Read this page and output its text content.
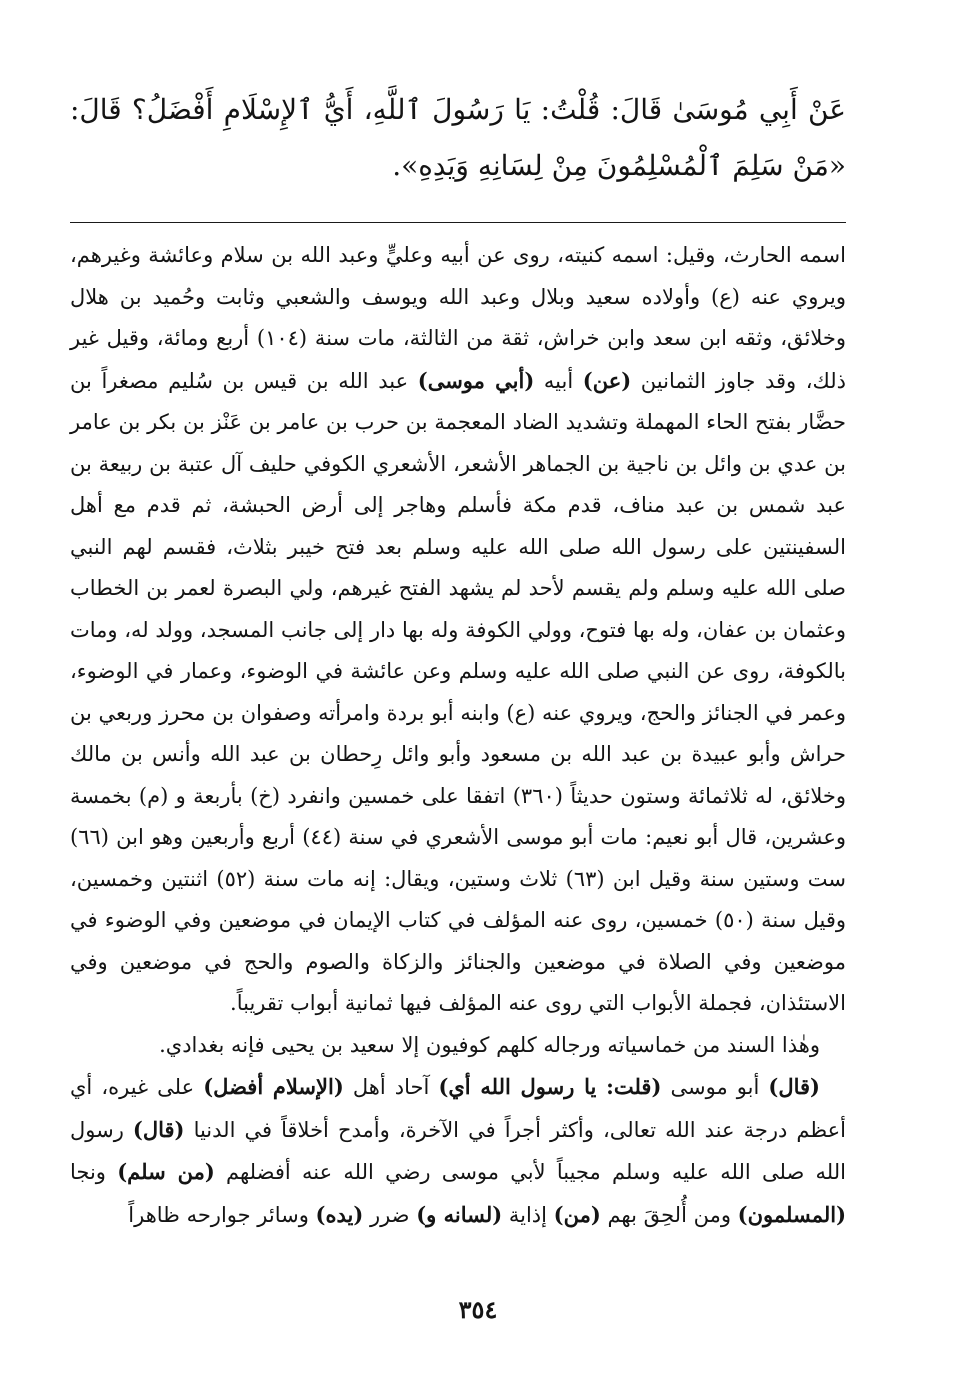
عَنْ أَبِي مُوسَىٰ قَالَ: قُلْتُ: يَا رَسُولَ ٱللَّهِ، أَيُّ ٱلإِسْلَامِ أَفْضَلُ؟ قَالَ: «مَنْ سَلِمَ ٱلْمُسْلِمُونَ مِنْ لِسَانِهِ وَيَدِهِ».

اسمه الحارث، وقيل: اسمه كنيته، روى عن أبيه وعليٍّ وعبد الله بن سلام وعائشة وغيرهم، ويروي عنه (ع) وأولاده سعيد وبلال وعبد الله ويوسف والشعبي وثابت وحُميد بن هلال وخلائق، وثقه ابن سعد وابن خراش، ثقة من الثالثة، مات سنة (١٠٤) أربع ومائة، وقيل غير ذلك، وقد جاوز الثمانين (عن) أبيه (أبي موسى) عبد الله بن قيس بن سُليم مصغراً بن حضَّار بفتح الحاء المهملة وتشديد الضاد المعجمة بن حرب بن عامر بن عَنْز بن بكر بن عامر بن عدي بن وائل بن ناجية بن الجماهر الأشعر، الأشعري الكوفي حليف آل عتبة بن ربيعة بن عبد شمس بن عبد مناف، قدم مكة فأسلم وهاجر إلى أرض الحبشة، ثم قدم مع أهل السفينتين على رسول الله صلى الله عليه وسلم بعد فتح خيبر بثلاث، فقسم لهم النبي صلى الله عليه وسلم ولم يقسم لأحد لم يشهد الفتح غيرهم، ولي البصرة لعمر بن الخطاب وعثمان بن عفان، وله بها فتوح، وولي الكوفة وله بها دار إلى جانب المسجد، وولد له، ومات بالكوفة، روى عن النبي صلى الله عليه وسلم وعن عائشة في الوضوء، وعمار في الوضوء، وعمر في الجنائز والحج، ويروي عنه (ع) وابنه أبو بردة وامرأته وصفوان بن محرز وربعي بن حراش وأبو عبيدة بن عبد الله بن مسعود وأبو وائل رِحطان بن عبد الله وأنس بن مالك وخلائق، له ثلاثمائة وستون حديثاً (٣٦٠) اتفقا على خمسين وانفرد (خ) بأربعة و (م) بخمسة وعشرين، قال أبو نعيم: مات أبو موسى الأشعري في سنة (٤٤) أربع وأربعين وهو ابن (٦٦) ست وستين سنة وقيل ابن (٦٣) ثلاث وستين، ويقال: إنه مات سنة (٥٢) اثنتين وخمسين، وقيل سنة (٥٠) خمسين، روى عنه المؤلف في كتاب الإيمان في موضعين وفي الوضوء في موضعين وفي الصلاة في موضعين والجنائز والزكاة والصوم والحج في موضعين وفي الاستئذان، فجملة الأبواب التي روى عنه المؤلف فيها ثمانية أبواب تقريباً.

وهٰذا السند من خماسياته ورجاله كلهم كوفيون إلا سعيد بن يحيى فإنه بغدادي.

(قال) أبو موسى (قلت: يا رسول الله أي) آحاد أهل (الإسلام أفضل) على غيره، أي أعظم درجة عند الله تعالى، وأكثر أجراً في الآخرة، وأمدح أخلاقاً في الدنيا (قال) رسول الله صلى الله عليه وسلم مجيباً لأبي موسى رضي الله عنه أفضلهم (من سلم) ونجا (المسلمون) ومن أُلحِقَ بهم (من) إذاية (لسانه و) ضرر (يده) وسائر جوارحه ظاهراً

٣٥٤
